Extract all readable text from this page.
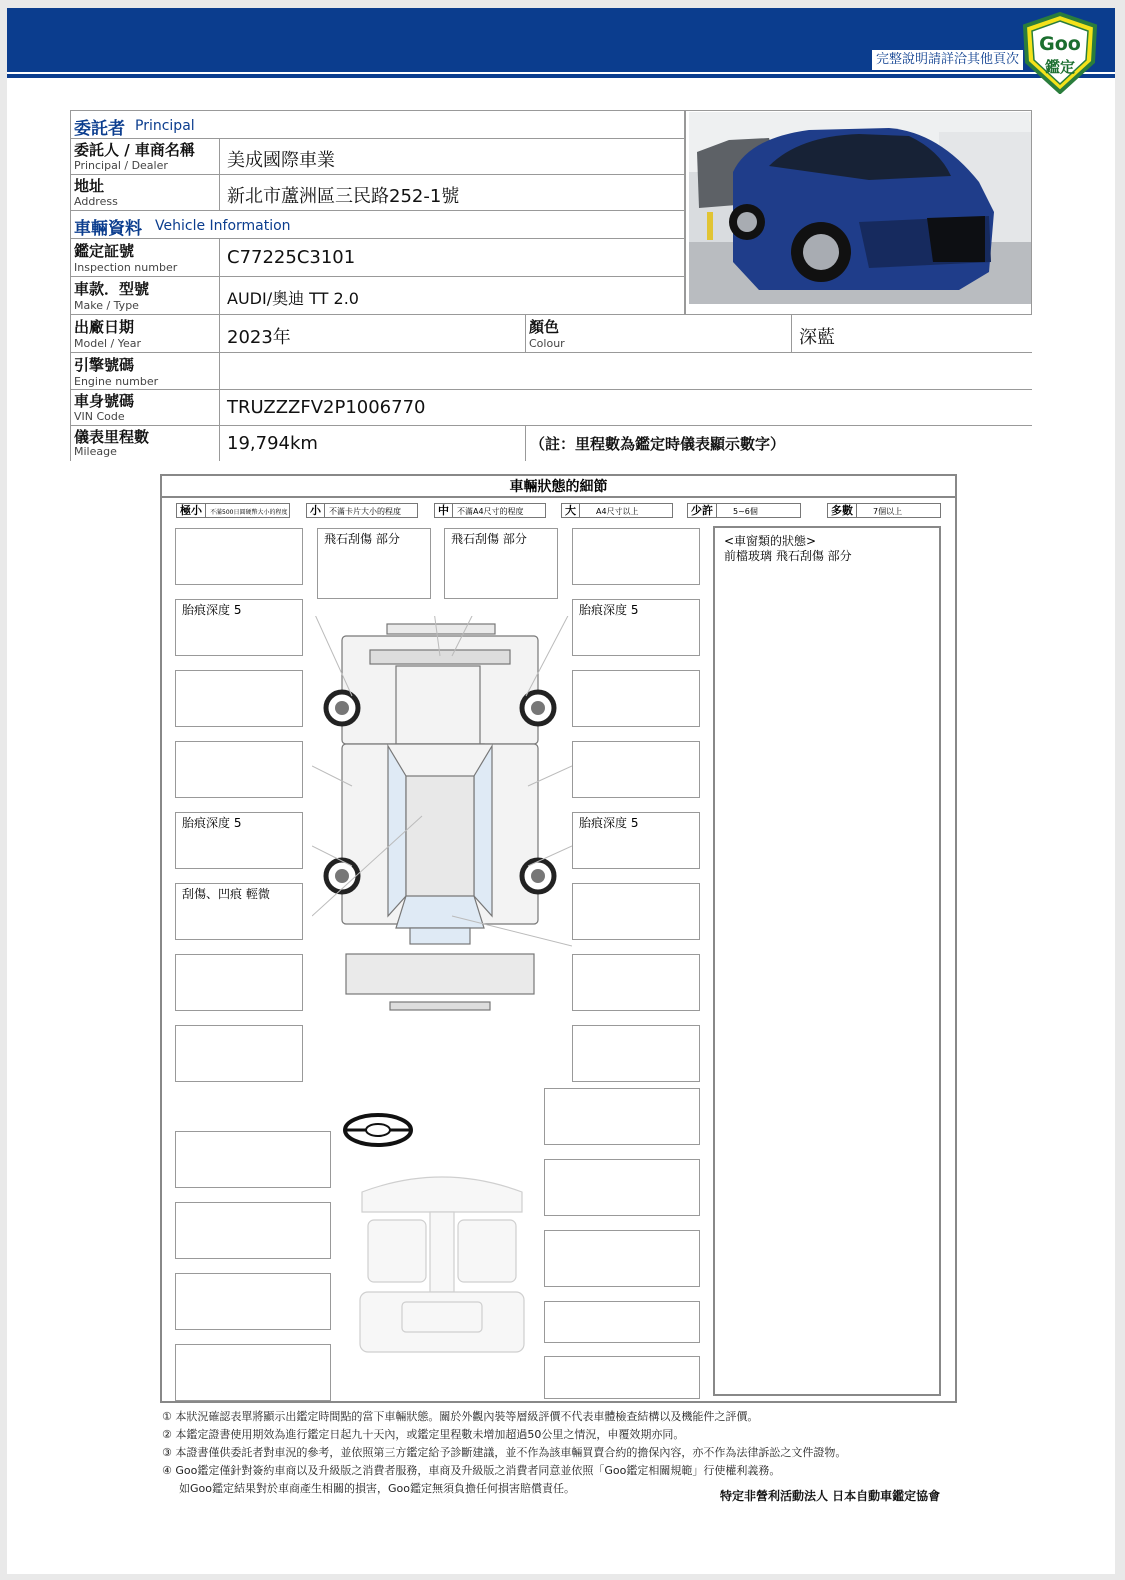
完整說明請詳洽其他頁次
Goo
鑑定
委託者 Principal
委託人 / 車商名稱
Principal / Dealer	美成國際車業
地址
Address	新北市蘆洲區三民路252-1號
車輛資料 Vehicle Information
鑑定証號
Inspection number	C77225C3101
車款．型號
Make / Type	AUDI/奧迪 TT 2.0
出廠日期
Model / Year	2023年	顏色
Colour	深藍
引擎號碼
Engine number
車身號碼
VIN Code	TRUZZZFV2P1006770
儀表里程數
Mileage	19,794km	（註：里程數為鑑定時儀表顯示數字）
車輛狀態的細節
極小 不滿500日圓硬幣大小的程度	小 不滿卡片大小的程度	中 不滿A4尺寸的程度	大	A4尺寸以上	少許	5~6個	多數	7個以上
胎痕深度 5
胎痕深度 5
刮傷、凹痕 輕微
飛石刮傷 部分	飛石刮傷 部分
胎痕深度 5
胎痕深度 5
<車窗類的狀態>
前檔玻璃 飛石刮傷 部分
① 本狀況確認表單將顯示出鑑定時間點的當下車輛狀態。關於外觀內裝等層級評價不代表車體檢查結構以及機能件之評價。
② 本鑑定證書使用期效為進行鑑定日起九十天內，或鑑定里程數未增加超過50公里之情況，申覆效期亦同。
③ 本證書僅供委託者對車況的參考，並依照第三方鑑定給予診斷建議，並不作為該車輛買賣合約的擔保內容，亦不作為法律訴訟之文件證物。
④ Goo鑑定僅針對簽約車商以及升級版之消費者服務，車商及升級版之消費者同意並依照「Goo鑑定相關規範」行使權利義務。
如Goo鑑定結果對於車商產生相關的損害，Goo鑑定無須負擔任何損害賠償責任。
特定非營利活動法人 日本自動車鑑定協會
